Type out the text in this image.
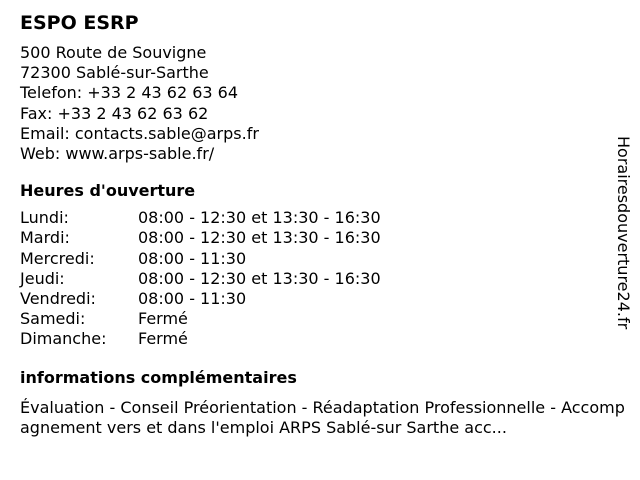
ESPO ESRP
500 Route de Souvigne
72300 Sablé-sur-Sarthe
Telefon: +33 2 43 62 63 64
Fax: +33 2 43 62 63 62
Email: contacts.sable@arps.fr
Web: www.arps-sable.fr/
Heures d'ouverture
Lundi:	08:00 - 12:30 et 13:30 - 16:30
Mardi:	08:00 - 12:30 et 13:30 - 16:30
Mercredi:	08:00 - 11:30
Jeudi:	08:00 - 12:30 et 13:30 - 16:30
Vendredi:	08:00 - 11:30
Samedi:	Fermé
Dimanche:	Fermé
informations complémentaires
Évaluation - Conseil Préorientation - Réadaptation Professionnelle - Accompagnement vers et dans l'emploi ARPS Sablé-sur Sarthe acc...
Horairesdouverture24.fr
